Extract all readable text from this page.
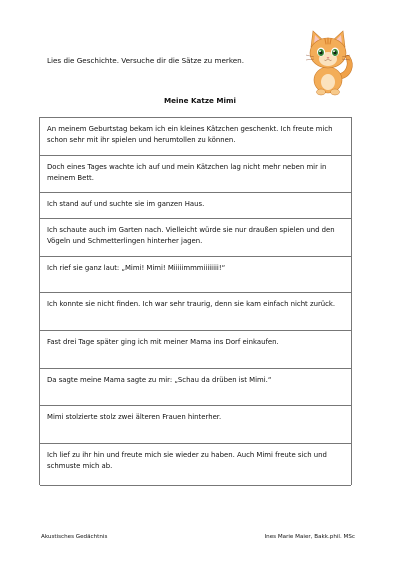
Lies die Geschichte. Versuche dir die Sätze zu merken.
Meine Katze Mimi
An meinem Geburtstag bekam ich ein kleines Kätzchen geschenkt. Ich freute mich schon sehr mit ihr spielen und herumtollen zu können.
Doch eines Tages wachte ich auf und mein Kätzchen lag nicht mehr neben mir in meinem Bett.
Ich stand auf und suchte sie im ganzen Haus.
Ich schaute auch im Garten nach. Vielleicht würde sie nur draußen spielen und den Vögeln und Schmetterlingen hinterher jagen.
Ich rief sie ganz laut: „Mimi! Mimi! Miiiiimmmiiiiiiii!“
Ich konnte sie nicht finden. Ich war sehr traurig, denn sie kam einfach nicht zurück.
Fast drei Tage später ging ich mit meiner Mama ins Dorf einkaufen.
Da sagte meine Mama sagte zu mir: „Schau da drüben ist Mimi.“
Mimi stolzierte stolz zwei älteren Frauen hinterher.
Ich lief zu ihr hin und freute mich sie wieder zu haben. Auch Mimi freute sich und schmuste mich ab.
Akustisches Gedächtnis	Ines Marie Maier, Bakk.phil. MSc
